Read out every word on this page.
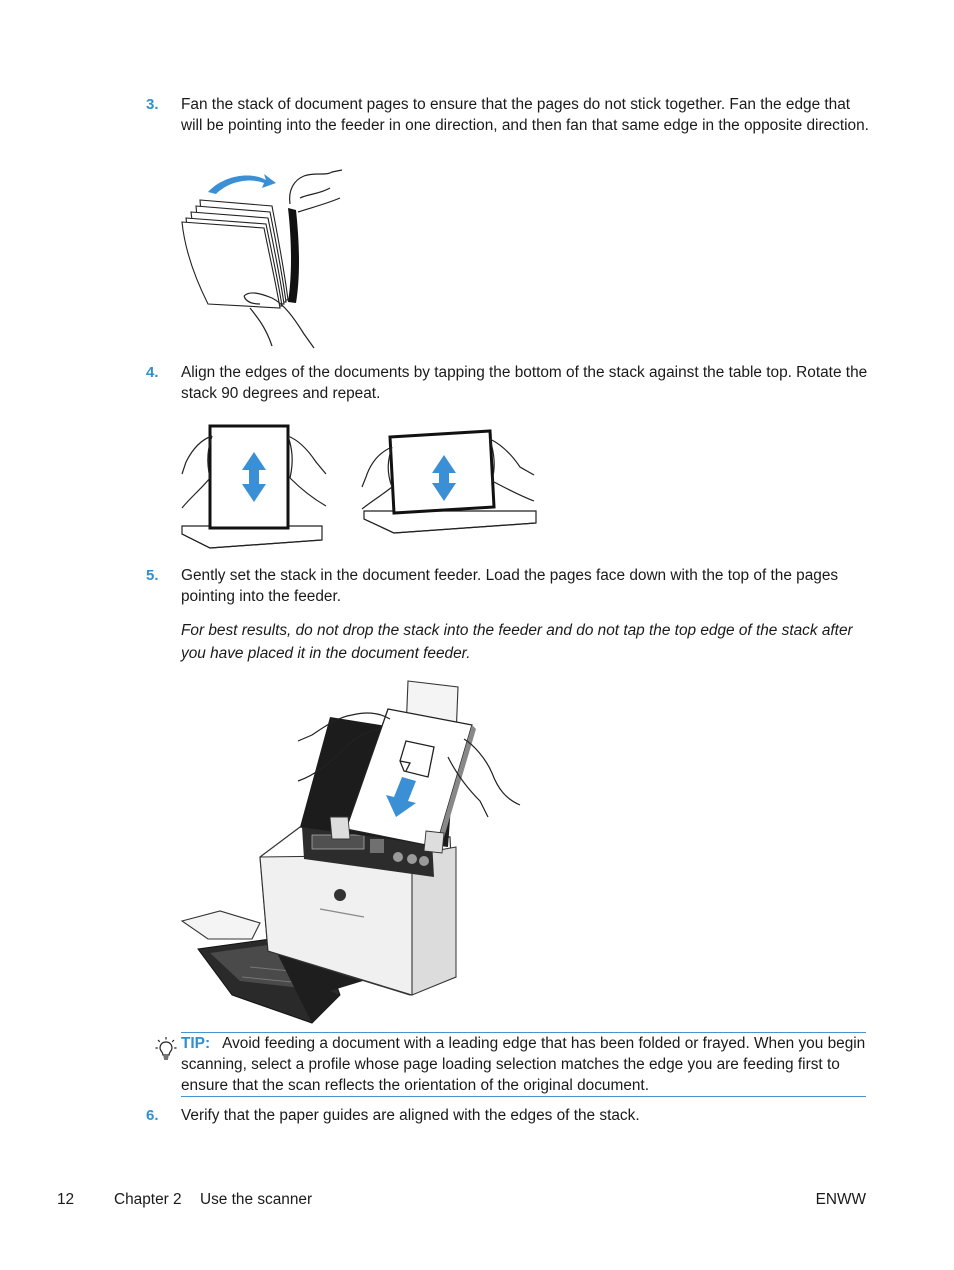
3. Fan the stack of document pages to ensure that the pages do not stick together. Fan the edge that will be pointing into the feeder in one direction, and then fan that same edge in the opposite direction.
4. Align the edges of the documents by tapping the bottom of the stack against the table top. Rotate the stack 90 degrees and repeat.
5. Gently set the stack in the document feeder. Load the pages face down with the top of the pages pointing into the feeder.
For best results, do not drop the stack into the feeder and do not tap the top edge of the stack after you have placed it in the document feeder.
TIP: Avoid feeding a document with a leading edge that has been folded or frayed. When you begin scanning, select a profile whose page loading selection matches the edge you are feeding first to ensure that the scan reflects the orientation of the original document.
6. Verify that the paper guides are aligned with the edges of the stack.
12	Chapter 2 Use the scanner	ENWW
